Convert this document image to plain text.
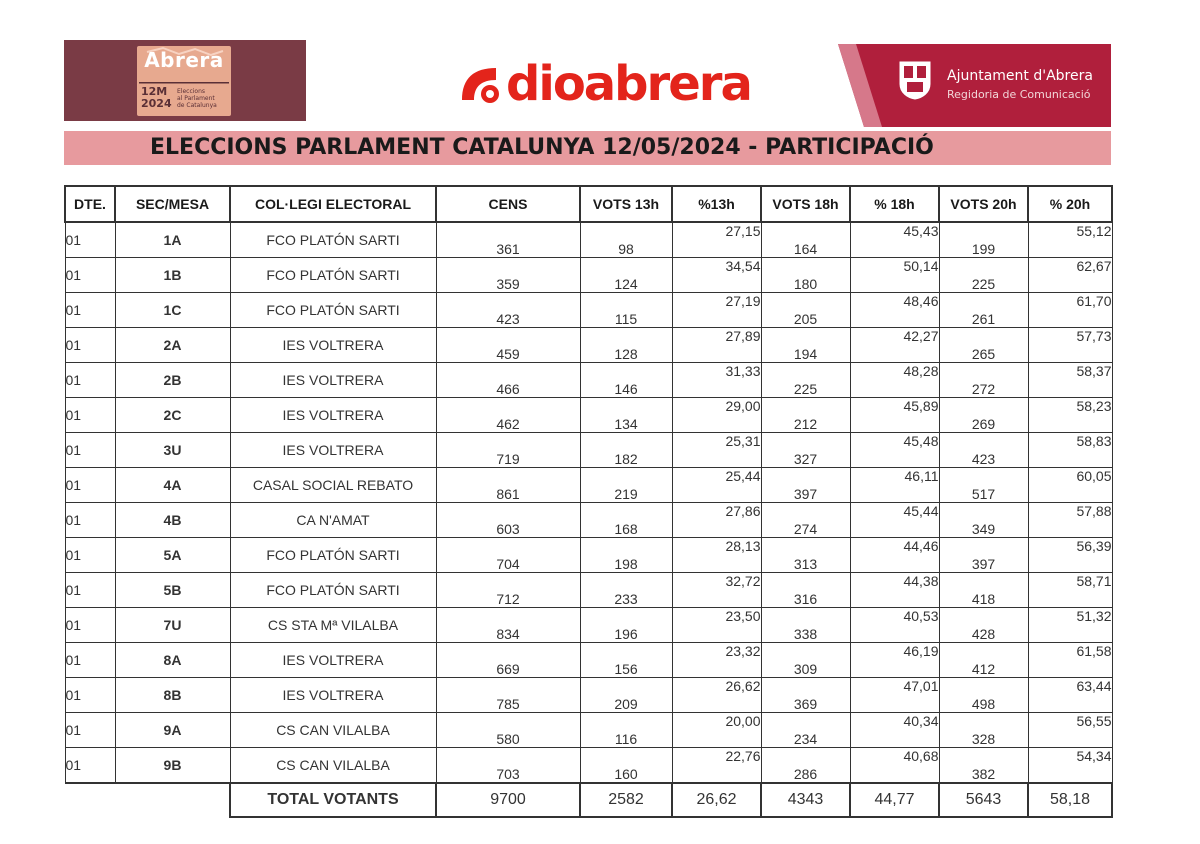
Abrera
12M
2024
Eleccions
al Parlament
de Catalunya	dioabrera	Ajuntament d'Abrera
Regidoria de Comunicació
ELECCIONS PARLAMENT CATALUNYA 12/05/2024 - PARTICIPACIÓ
DTE.	SEC/MESA	COL·LEGI ELECTORAL	CENS	VOTS 13h	%13h	VOTS 18h	% 18h	VOTS 20h	% 20h
01	1A	FCO PLATÓN SARTI	361	98	27,15	164	45,43	199	55,12
01	1B	FCO PLATÓN SARTI	359	124	34,54	180	50,14	225	62,67
01	1C	FCO PLATÓN SARTI	423	115	27,19	205	48,46	261	61,70
01	2A	IES VOLTRERA	459	128	27,89	194	42,27	265	57,73
01	2B	IES VOLTRERA	466	146	31,33	225	48,28	272	58,37
01	2C	IES VOLTRERA	462	134	29,00	212	45,89	269	58,23
01	3U	IES VOLTRERA	719	182	25,31	327	45,48	423	58,83
01	4A	CASAL SOCIAL REBATO	861	219	25,44	397	46,11	517	60,05
01	4B	CA N'AMAT	603	168	27,86	274	45,44	349	57,88
01	5A	FCO PLATÓN SARTI	704	198	28,13	313	44,46	397	56,39
01	5B	FCO PLATÓN SARTI	712	233	32,72	316	44,38	418	58,71
01	7U	CS STA Mª VILALBA	834	196	23,50	338	40,53	428	51,32
01	8A	IES VOLTRERA	669	156	23,32	309	46,19	412	61,58
01	8B	IES VOLTRERA	785	209	26,62	369	47,01	498	63,44
01	9A	CS CAN VILALBA	580	116	20,00	234	40,34	328	56,55
01	9B	CS CAN VILALBA	703	160	22,76	286	40,68	382	54,34
		TOTAL VOTANTS	9700	2582	26,62	4343	44,77	5643	58,18
